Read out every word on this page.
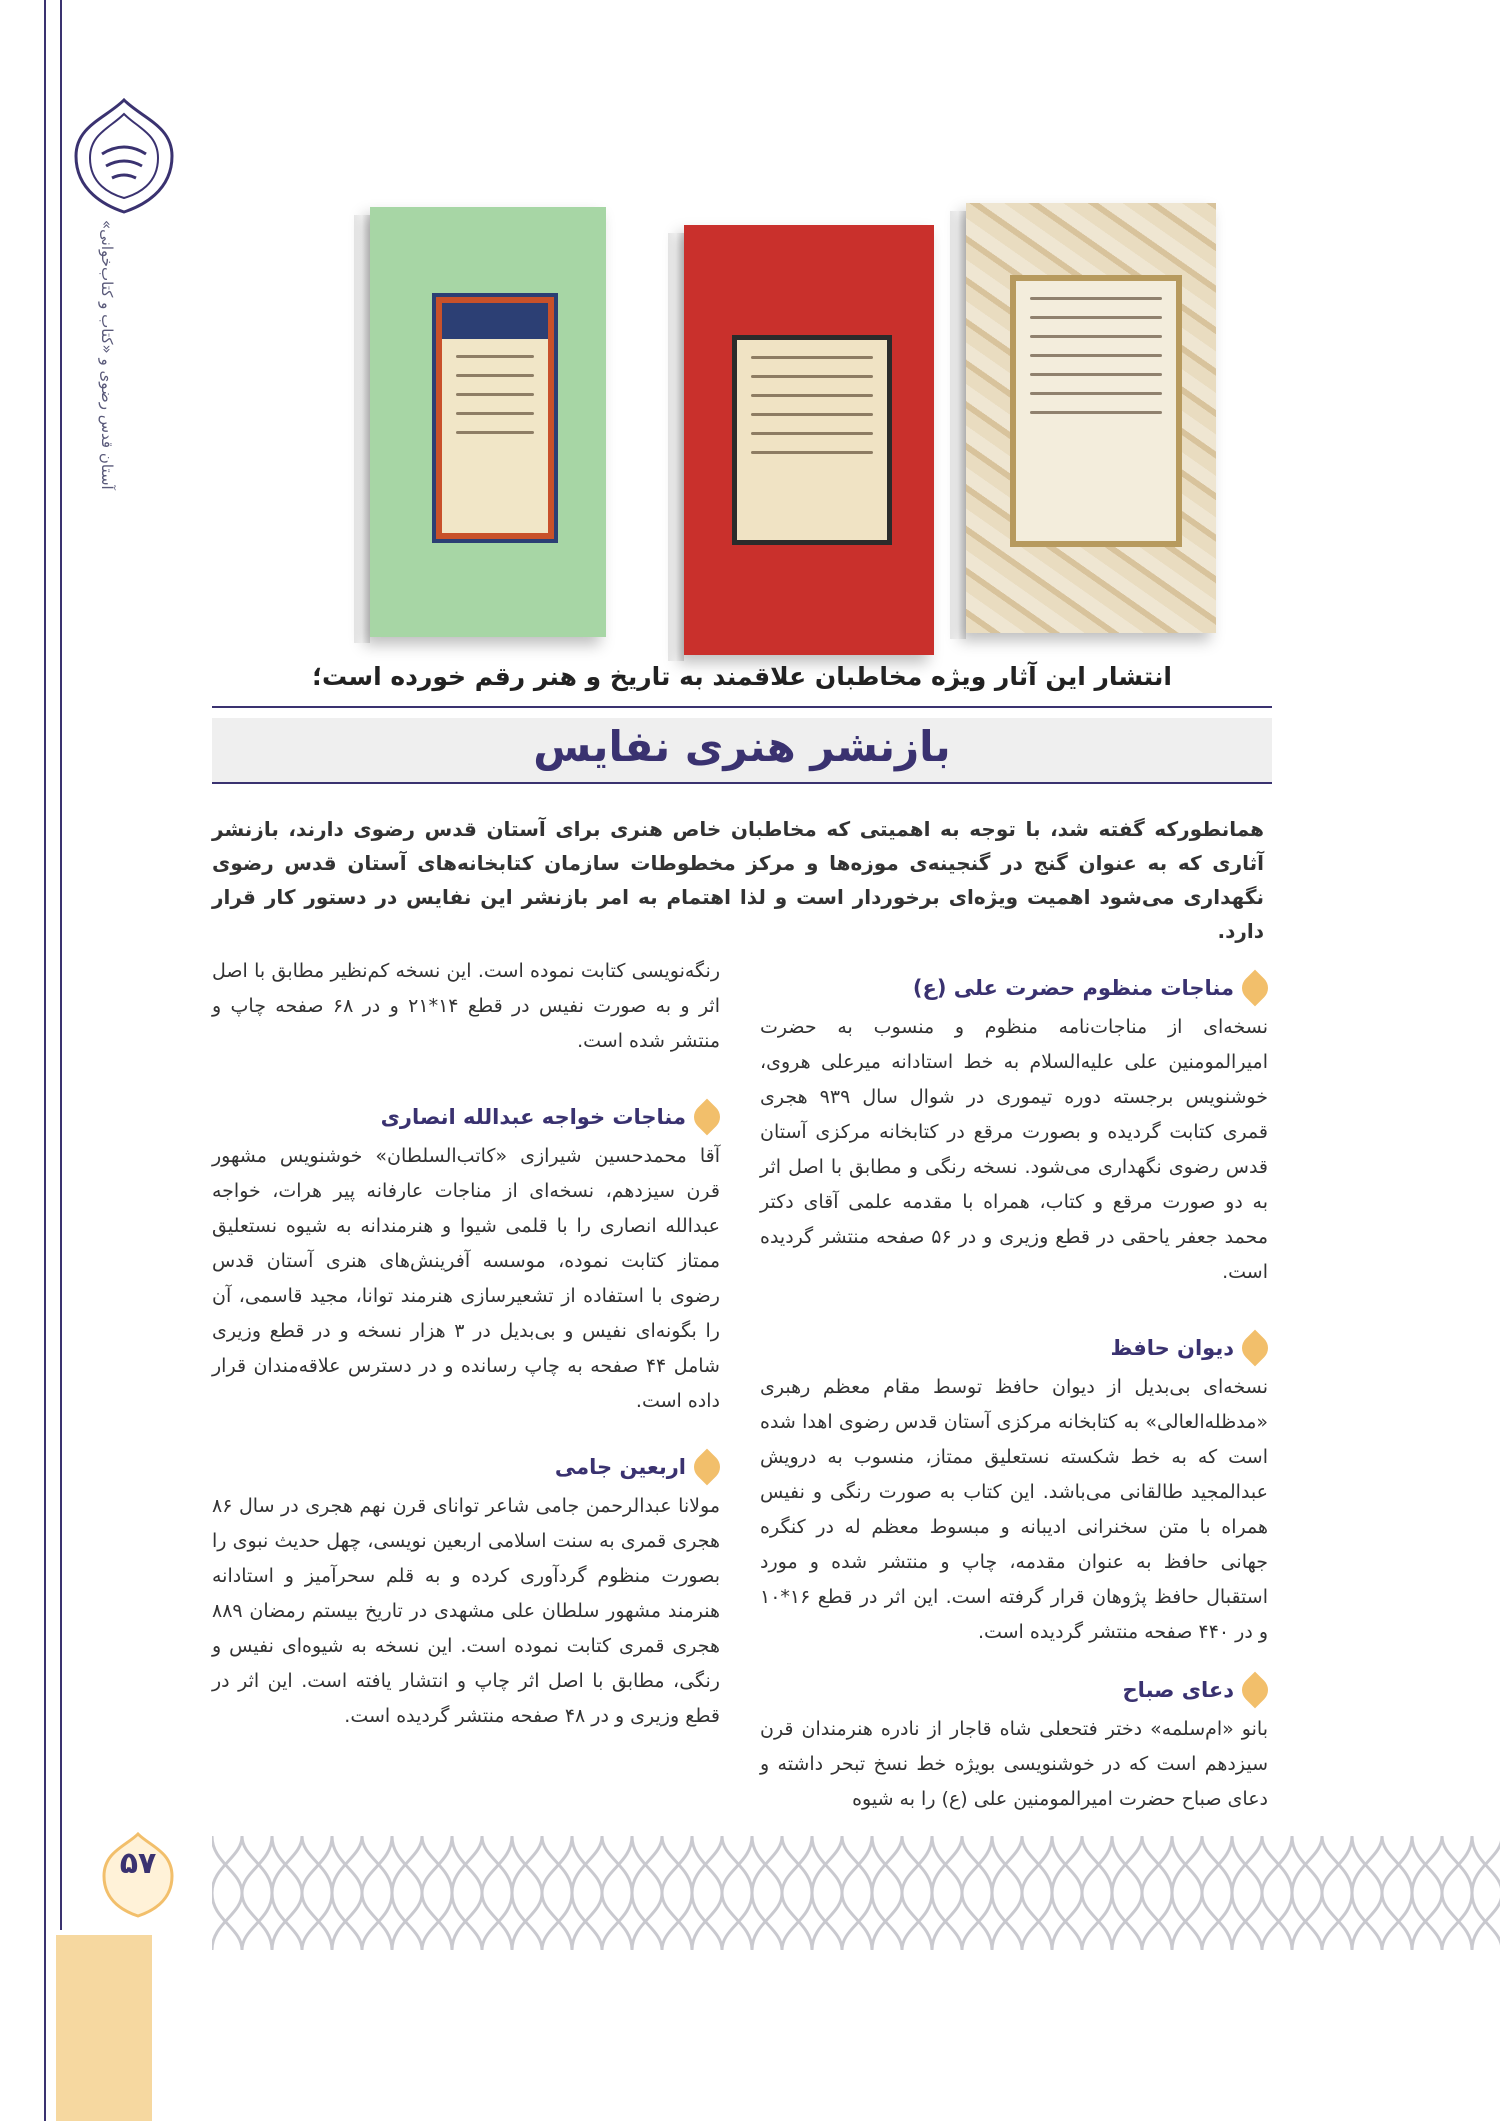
آستان قدس رضوی و «کتاب و کتاب‌خوانی»
۵۷
انتشار این آثار ویژه مخاطبان علاقمند به تاریخ و هنر رقم خورده است؛
بازنشر هنری نفایس
همانطورکه گفته شد، با توجه به اهمیتی که مخاطبان خاص هنری برای آستان قدس رضوی دارند، بازنشر آثاری که به عنوان گنج در گنجینه‌ی موزه‌ها و مرکز مخطوطات سازمان کتابخانه‌های آستان قدس رضوی نگهداری می‌شود اهمیت ویژه‌ای برخوردار است و لذا اهتمام به امر بازنشر این نفایس در دستور کار قرار دارد.
مناجات منظوم حضرت علی (ع)

نسخه‌ای از مناجات‌نامه منظوم و منسوب به حضرت امیرالمومنین علی علیه‌السلام به خط استادانه میرعلی هروی، خوشنویس برجسته دوره تیموری در شوال سال ۹۳۹ هجری قمری کتابت گردیده و بصورت مرقع در کتابخانه مرکزی آستان قدس رضوی نگهداری می‌شود. نسخه رنگی و مطابق با اصل اثر به دو صورت مرقع و کتاب، همراه با مقدمه علمی آقای دکتر محمد جعفر یاحقی در قطع وزیری و در ۵۶ صفحه منتشر گردیده است.

دیوان حافظ

نسخه‌ای بی‌بدیل از دیوان حافظ توسط مقام معظم رهبری «مدظله‌العالی» به کتابخانه مرکزی آستان قدس رضوی اهدا شده است که به خط شکسته نستعلیق ممتاز، منسوب به درویش عبدالمجید طالقانی می‌باشد. این کتاب به صورت رنگی و نفیس همراه با متن سخنرانی ادیبانه و مبسوط معظم له در کنگره جهانی حافظ به عنوان مقدمه، چاپ و منتشر شده و مورد استقبال حافظ پژوهان قرار گرفته است. این اثر در قطع ۱۶*۱۰ و در ۴۴۰ صفحه منتشر گردیده است.

دعای صباح

بانو «ام‌سلمه» دختر فتحعلی شاه قاجار از نادره هنرمندان قرن سیزدهم است که در خوشنویسی بویژه خط نسخ تبحر داشته و دعای صباح حضرت امیرالمومنین علی (ع) را به شیوه

رنگه‌نویسی کتابت نموده است. این نسخه کم‌نظیر مطابق با اصل اثر و به صورت نفیس در قطع ۱۴*۲۱ و در ۶۸ صفحه چاپ و منتشر شده است.

مناجات خواجه عبدالله انصاری

آقا محمدحسین شیرازی «کاتب‌السلطان» خوشنویس مشهور قرن سیزدهم، نسخه‌ای از مناجات عارفانه پیر هرات، خواجه عبدالله انصاری را با قلمی شیوا و هنرمندانه به شیوه نستعلیق ممتاز کتابت نموده، موسسه آفرینش‌های هنری آستان قدس رضوی با استفاده از تشعیرسازی هنرمند توانا، مجید قاسمی، آن را بگونه‌ای نفیس و بی‌بدیل در ۳ هزار نسخه و در قطع وزیری شامل ۴۴ صفحه به چاپ رسانده و در دسترس علاقه‌مندان قرار داده است.

اربعین جامی

مولانا عبدالرحمن جامی شاعر توانای قرن نهم هجری در سال ۸۶ هجری قمری به سنت اسلامی اربعین نویسی، چهل حدیث نبوی را بصورت منظوم گردآوری کرده و به قلم سحرآمیز و استادانه هنرمند مشهور سلطان علی مشهدی در تاریخ بیستم رمضان ۸۸۹ هجری قمری کتابت نموده است. این نسخه به شیوه‌ای نفیس و رنگی، مطابق با اصل اثر چاپ و انتشار یافته است. این اثر در قطع وزیری و در ۴۸ صفحه منتشر گردیده است.
